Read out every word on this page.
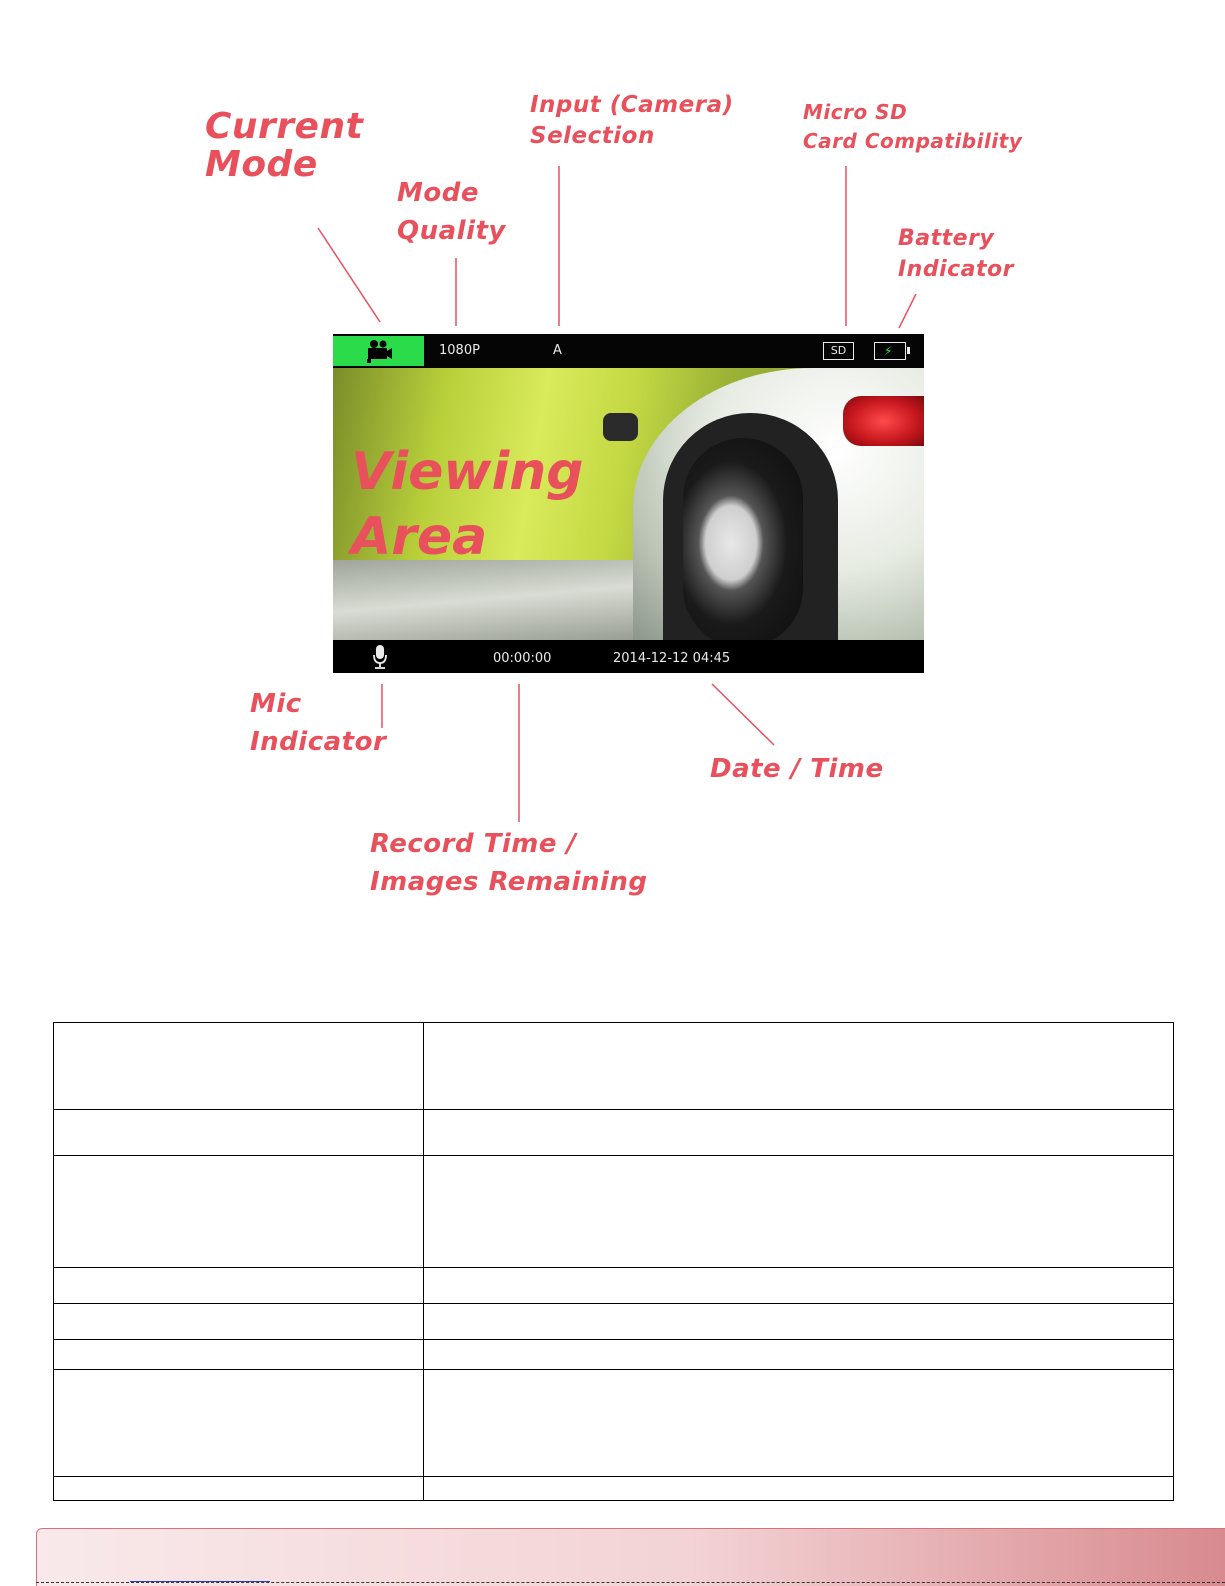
Current
Mode
Mode
Quality
Input (Camera)
Selection
Micro SD
Card Compatibility
Battery
Indicator
Mic
Indicator
Date / Time
Record Time /
Images Remaining
1080P	A	SD	⚡
Viewing
Area
00:00:00	2014-12-12 04:45
